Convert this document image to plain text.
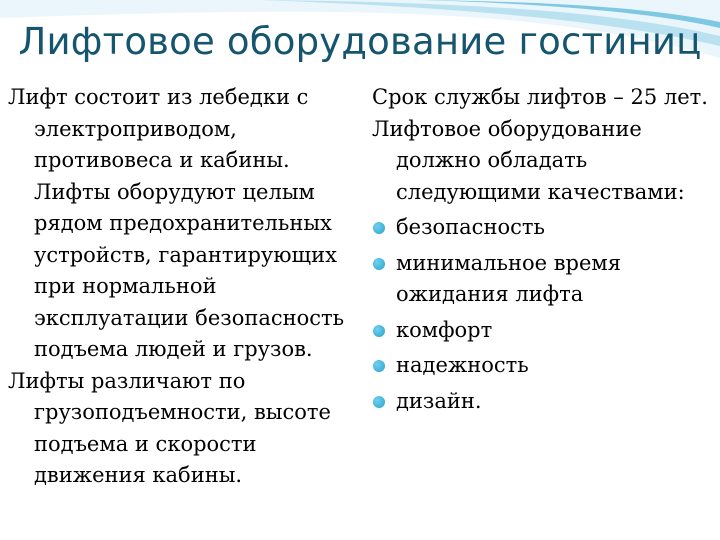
Лифтовое оборудование гостиниц

Лифт состоит из лебедки с электроприводом, противовеса и кабины. Лифты оборудуют целым рядом предохранительных устройств, гарантирующих при нормальной эксплуатации безопасность подъема людей и грузов.

Лифты различают по грузоподъемности, высоте подъема и скорости движения кабины.

Срок службы лифтов – 25 лет.

Лифтовое оборудование должно обладать следующими качествами:

безопасность
минимальное время ожидания лифта
комфорт
надежность
дизайн.
